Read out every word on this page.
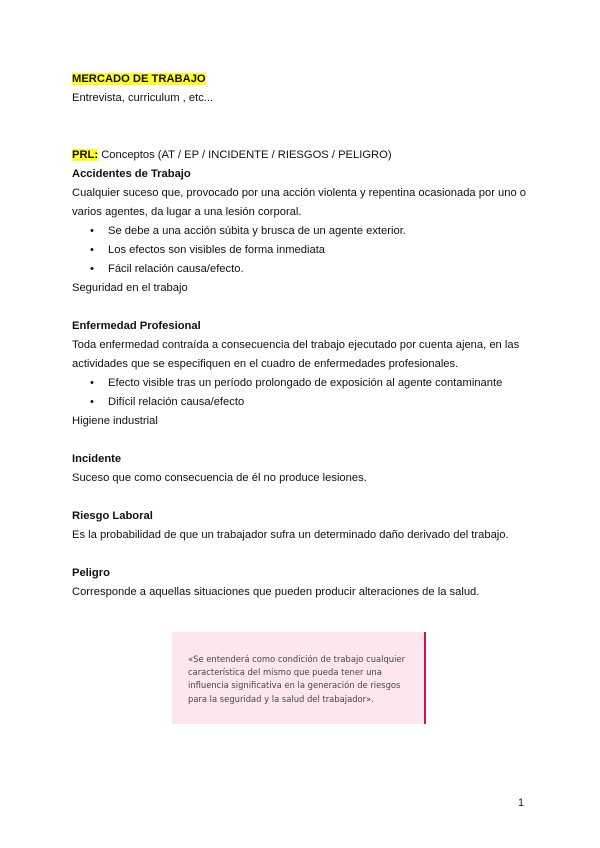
MERCADO DE TRABAJO
Entrevista, curriculum , etc...
PRL: Conceptos (AT / EP / INCIDENTE / RIESGOS / PELIGRO)
Accidentes de Trabajo
Cualquier suceso que, provocado por una acción violenta y repentina ocasionada por uno o varios agentes, da lugar a una lesión corporal.
• Se debe a una acción súbita y brusca de un agente exterior.
• Los efectos son visibles de forma inmediata
• Fácil relación causa/efecto.
Seguridad en el trabajo
Enfermedad Profesional
Toda enfermedad contraída a consecuencia del trabajo ejecutado por cuenta ajena, en las actividades que se especifiquen en el cuadro de enfermedades profesionales.
• Efecto visible tras un período prolongado de exposición al agente contaminante
• Difícil relación causa/efecto
Higiene industrial
Incidente
Suceso que como consecuencia de él no produce lesiones.
Riesgo Laboral
Es la probabilidad de que un trabajador sufra un determinado daño derivado del trabajo.
Peligro
Corresponde a aquellas situaciones que pueden producir alteraciones de la salud.
«Se entenderá como condición de trabajo cualquier característica del mismo que pueda tener una influencia significativa en la generación de riesgos para la seguridad y la salud del trabajador».
1
